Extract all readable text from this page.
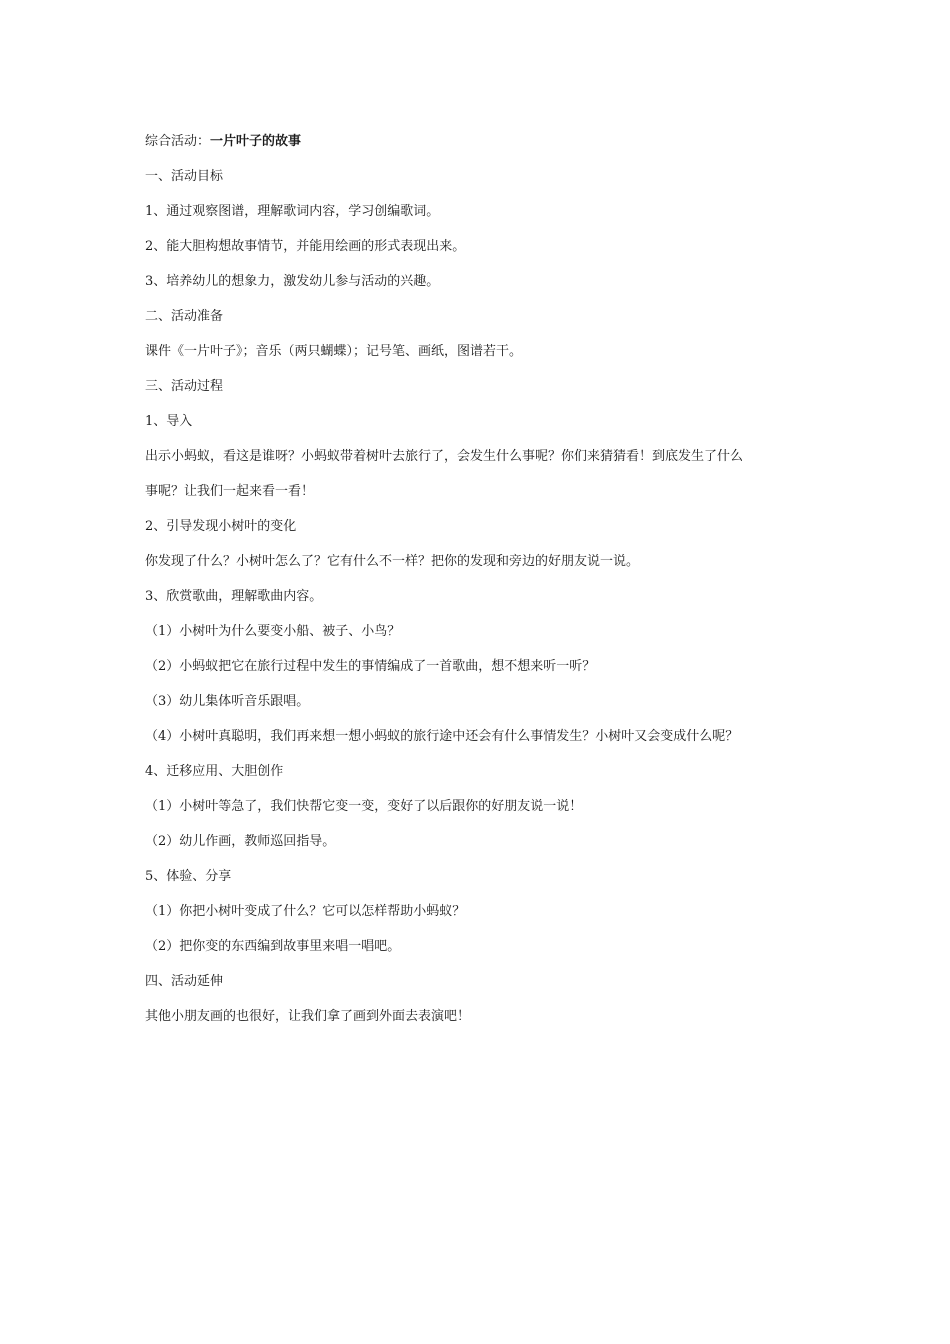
综合活动：一片叶子的故事
一、活动目标
1、通过观察图谱，理解歌词内容，学习创编歌词。
2、能大胆构想故事情节，并能用绘画的形式表现出来。
3、培养幼儿的想象力，激发幼儿参与活动的兴趣。
二、活动准备
课件《一片叶子》；音乐（两只蝴蝶）；记号笔、画纸，图谱若干。
三、活动过程
1、导入
出示小蚂蚁，看这是谁呀？小蚂蚁带着树叶去旅行了，会发生什么事呢？你们来猜猜看！到底发生了什么
事呢？让我们一起来看一看！
2、引导发现小树叶的变化
你发现了什么？小树叶怎么了？它有什么不一样？把你的发现和旁边的好朋友说一说。
3、欣赏歌曲，理解歌曲内容。
（1）小树叶为什么要变小船、被子、小鸟？
（2）小蚂蚁把它在旅行过程中发生的事情编成了一首歌曲，想不想来听一听？
（3）幼儿集体听音乐跟唱。
（4）小树叶真聪明，我们再来想一想小蚂蚁的旅行途中还会有什么事情发生？小树叶又会变成什么呢？
4、迁移应用、大胆创作
（1）小树叶等急了，我们快帮它变一变，变好了以后跟你的好朋友说一说！
（2）幼儿作画，教师巡回指导。
5、体验、分享
（1）你把小树叶变成了什么？它可以怎样帮助小蚂蚁？
（2）把你变的东西编到故事里来唱一唱吧。
四、活动延伸
其他小朋友画的也很好，让我们拿了画到外面去表演吧！
